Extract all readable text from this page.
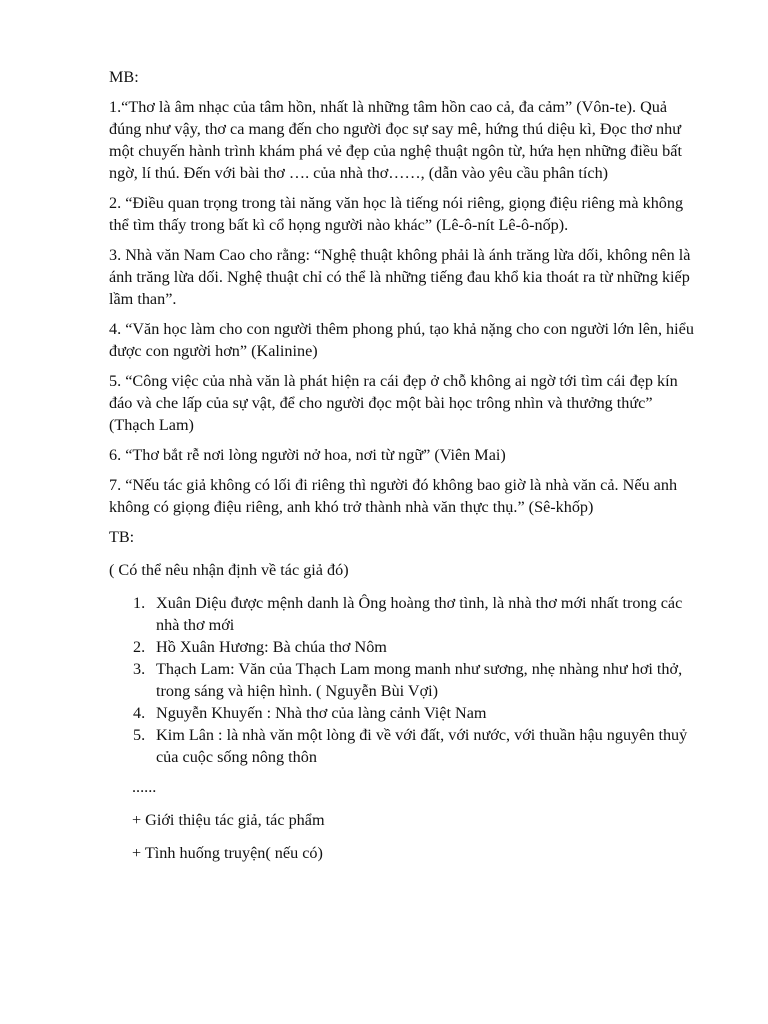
MB:

1.“Thơ là âm nhạc của tâm hồn, nhất là những tâm hồn cao cả, đa cảm” (Vôn-te). Quả đúng như vậy, thơ ca mang đến cho người đọc sự say mê, hứng thú diệu kì, Đọc thơ như một chuyến hành trình khám phá vẻ đẹp của nghệ thuật ngôn từ, hứa hẹn những điều bất ngờ, lí thú. Đến với bài thơ …. của nhà thơ……, (dẫn vào yêu cầu phân tích)

2. “Điều quan trọng trong tài năng văn học là tiếng nói riêng, giọng điệu riêng mà không thể tìm thấy trong bất kì cổ họng người nào khác” (Lê-ô-nít Lê-ô-nốp).

3. Nhà văn Nam Cao cho rằng: “Nghệ thuật không phải là ánh trăng lừa dối, không nên là ánh trăng lừa dối. Nghệ thuật chỉ có thể là những tiếng đau khổ kia thoát ra từ những kiếp lầm than”.

4. “Văn học làm cho con người thêm phong phú, tạo khả nặng cho con người lớn lên, hiểu được con người hơn” (Kalinine)

5. “Công việc của nhà văn là phát hiện ra cái đẹp ở chỗ không ai ngờ tới tìm cái đẹp kín đáo và che lấp của sự vật, để cho người đọc một bài học trông nhìn và thưởng thức” (Thạch Lam)

6. “Thơ bắt rễ nơi lòng người nở hoa, nơi từ ngữ” (Viên Mai)

7. “Nếu tác giả không có lối đi riêng thì người đó không bao giờ là nhà văn cả. Nếu anh không có giọng điệu riêng, anh khó trở thành nhà văn thực thụ.” (Sê-khốp)

TB:

( Có thể nêu nhận định về tác giả đó)

1. Xuân Diệu được mệnh danh là Ông hoàng thơ tình, là nhà thơ mới nhất trong các nhà thơ mới
2. Hồ Xuân Hương: Bà chúa thơ Nôm
3. Thạch Lam: Văn của Thạch Lam mong manh như sương, nhẹ nhàng như hơi thở, trong sáng và hiện hình. ( Nguyễn Bùi Vợi)
4. Nguyễn Khuyến : Nhà thơ của làng cảnh Việt Nam
5. Kim Lân : là nhà văn một lòng đi về với đất, với nước, với thuần hậu nguyên thuỷ của cuộc sống nông thôn

......

+ Giới thiệu tác giả, tác phẩm

+ Tình huống truyện( nếu có)
